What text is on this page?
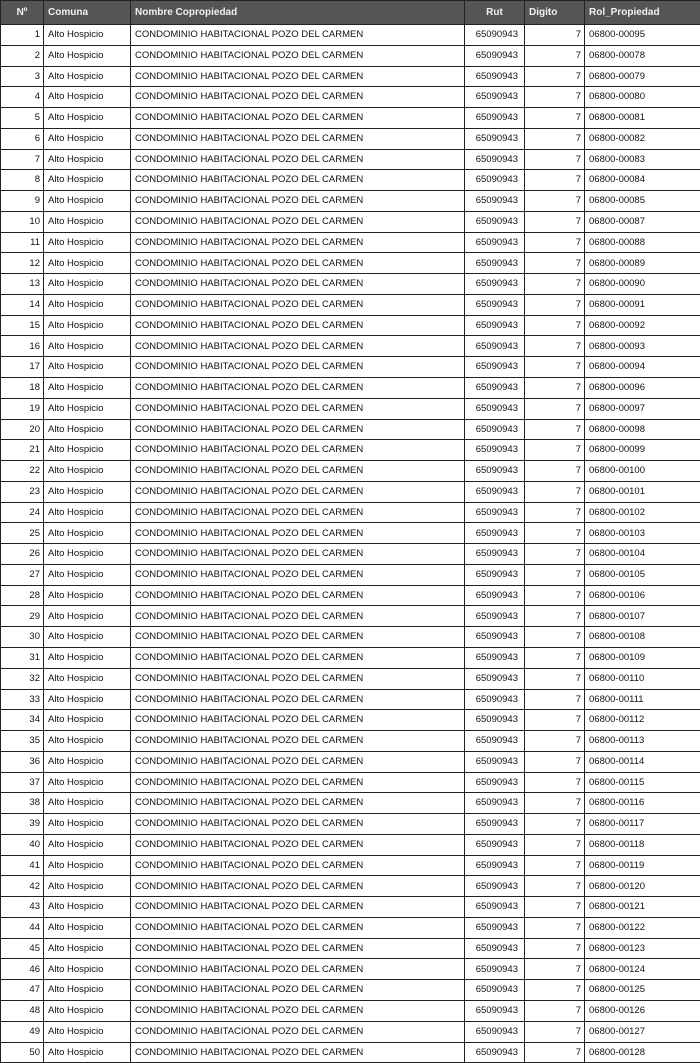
Nº	Comuna	Nombre Copropiedad	Rut	Digito	Rol_Propiedad
1	Alto Hospicio	CONDOMINIO HABITACIONAL POZO DEL CARMEN	65090943	7	06800-00095
2	Alto Hospicio	CONDOMINIO HABITACIONAL POZO DEL CARMEN	65090943	7	06800-00078
3	Alto Hospicio	CONDOMINIO HABITACIONAL POZO DEL CARMEN	65090943	7	06800-00079
4	Alto Hospicio	CONDOMINIO HABITACIONAL POZO DEL CARMEN	65090943	7	06800-00080
5	Alto Hospicio	CONDOMINIO HABITACIONAL POZO DEL CARMEN	65090943	7	06800-00081
6	Alto Hospicio	CONDOMINIO HABITACIONAL POZO DEL CARMEN	65090943	7	06800-00082
7	Alto Hospicio	CONDOMINIO HABITACIONAL POZO DEL CARMEN	65090943	7	06800-00083
8	Alto Hospicio	CONDOMINIO HABITACIONAL POZO DEL CARMEN	65090943	7	06800-00084
9	Alto Hospicio	CONDOMINIO HABITACIONAL POZO DEL CARMEN	65090943	7	06800-00085
10	Alto Hospicio	CONDOMINIO HABITACIONAL POZO DEL CARMEN	65090943	7	06800-00087
11	Alto Hospicio	CONDOMINIO HABITACIONAL POZO DEL CARMEN	65090943	7	06800-00088
12	Alto Hospicio	CONDOMINIO HABITACIONAL POZO DEL CARMEN	65090943	7	06800-00089
13	Alto Hospicio	CONDOMINIO HABITACIONAL POZO DEL CARMEN	65090943	7	06800-00090
14	Alto Hospicio	CONDOMINIO HABITACIONAL POZO DEL CARMEN	65090943	7	06800-00091
15	Alto Hospicio	CONDOMINIO HABITACIONAL POZO DEL CARMEN	65090943	7	06800-00092
16	Alto Hospicio	CONDOMINIO HABITACIONAL POZO DEL CARMEN	65090943	7	06800-00093
17	Alto Hospicio	CONDOMINIO HABITACIONAL POZO DEL CARMEN	65090943	7	06800-00094
18	Alto Hospicio	CONDOMINIO HABITACIONAL POZO DEL CARMEN	65090943	7	06800-00096
19	Alto Hospicio	CONDOMINIO HABITACIONAL POZO DEL CARMEN	65090943	7	06800-00097
20	Alto Hospicio	CONDOMINIO HABITACIONAL POZO DEL CARMEN	65090943	7	06800-00098
21	Alto Hospicio	CONDOMINIO HABITACIONAL POZO DEL CARMEN	65090943	7	06800-00099
22	Alto Hospicio	CONDOMINIO HABITACIONAL POZO DEL CARMEN	65090943	7	06800-00100
23	Alto Hospicio	CONDOMINIO HABITACIONAL POZO DEL CARMEN	65090943	7	06800-00101
24	Alto Hospicio	CONDOMINIO HABITACIONAL POZO DEL CARMEN	65090943	7	06800-00102
25	Alto Hospicio	CONDOMINIO HABITACIONAL POZO DEL CARMEN	65090943	7	06800-00103
26	Alto Hospicio	CONDOMINIO HABITACIONAL POZO DEL CARMEN	65090943	7	06800-00104
27	Alto Hospicio	CONDOMINIO HABITACIONAL POZO DEL CARMEN	65090943	7	06800-00105
28	Alto Hospicio	CONDOMINIO HABITACIONAL POZO DEL CARMEN	65090943	7	06800-00106
29	Alto Hospicio	CONDOMINIO HABITACIONAL POZO DEL CARMEN	65090943	7	06800-00107
30	Alto Hospicio	CONDOMINIO HABITACIONAL POZO DEL CARMEN	65090943	7	06800-00108
31	Alto Hospicio	CONDOMINIO HABITACIONAL POZO DEL CARMEN	65090943	7	06800-00109
32	Alto Hospicio	CONDOMINIO HABITACIONAL POZO DEL CARMEN	65090943	7	06800-00110
33	Alto Hospicio	CONDOMINIO HABITACIONAL POZO DEL CARMEN	65090943	7	06800-00111
34	Alto Hospicio	CONDOMINIO HABITACIONAL POZO DEL CARMEN	65090943	7	06800-00112
35	Alto Hospicio	CONDOMINIO HABITACIONAL POZO DEL CARMEN	65090943	7	06800-00113
36	Alto Hospicio	CONDOMINIO HABITACIONAL POZO DEL CARMEN	65090943	7	06800-00114
37	Alto Hospicio	CONDOMINIO HABITACIONAL POZO DEL CARMEN	65090943	7	06800-00115
38	Alto Hospicio	CONDOMINIO HABITACIONAL POZO DEL CARMEN	65090943	7	06800-00116
39	Alto Hospicio	CONDOMINIO HABITACIONAL POZO DEL CARMEN	65090943	7	06800-00117
40	Alto Hospicio	CONDOMINIO HABITACIONAL POZO DEL CARMEN	65090943	7	06800-00118
41	Alto Hospicio	CONDOMINIO HABITACIONAL POZO DEL CARMEN	65090943	7	06800-00119
42	Alto Hospicio	CONDOMINIO HABITACIONAL POZO DEL CARMEN	65090943	7	06800-00120
43	Alto Hospicio	CONDOMINIO HABITACIONAL POZO DEL CARMEN	65090943	7	06800-00121
44	Alto Hospicio	CONDOMINIO HABITACIONAL POZO DEL CARMEN	65090943	7	06800-00122
45	Alto Hospicio	CONDOMINIO HABITACIONAL POZO DEL CARMEN	65090943	7	06800-00123
46	Alto Hospicio	CONDOMINIO HABITACIONAL POZO DEL CARMEN	65090943	7	06800-00124
47	Alto Hospicio	CONDOMINIO HABITACIONAL POZO DEL CARMEN	65090943	7	06800-00125
48	Alto Hospicio	CONDOMINIO HABITACIONAL POZO DEL CARMEN	65090943	7	06800-00126
49	Alto Hospicio	CONDOMINIO HABITACIONAL POZO DEL CARMEN	65090943	7	06800-00127
50	Alto Hospicio	CONDOMINIO HABITACIONAL POZO DEL CARMEN	65090943	7	06800-00128
